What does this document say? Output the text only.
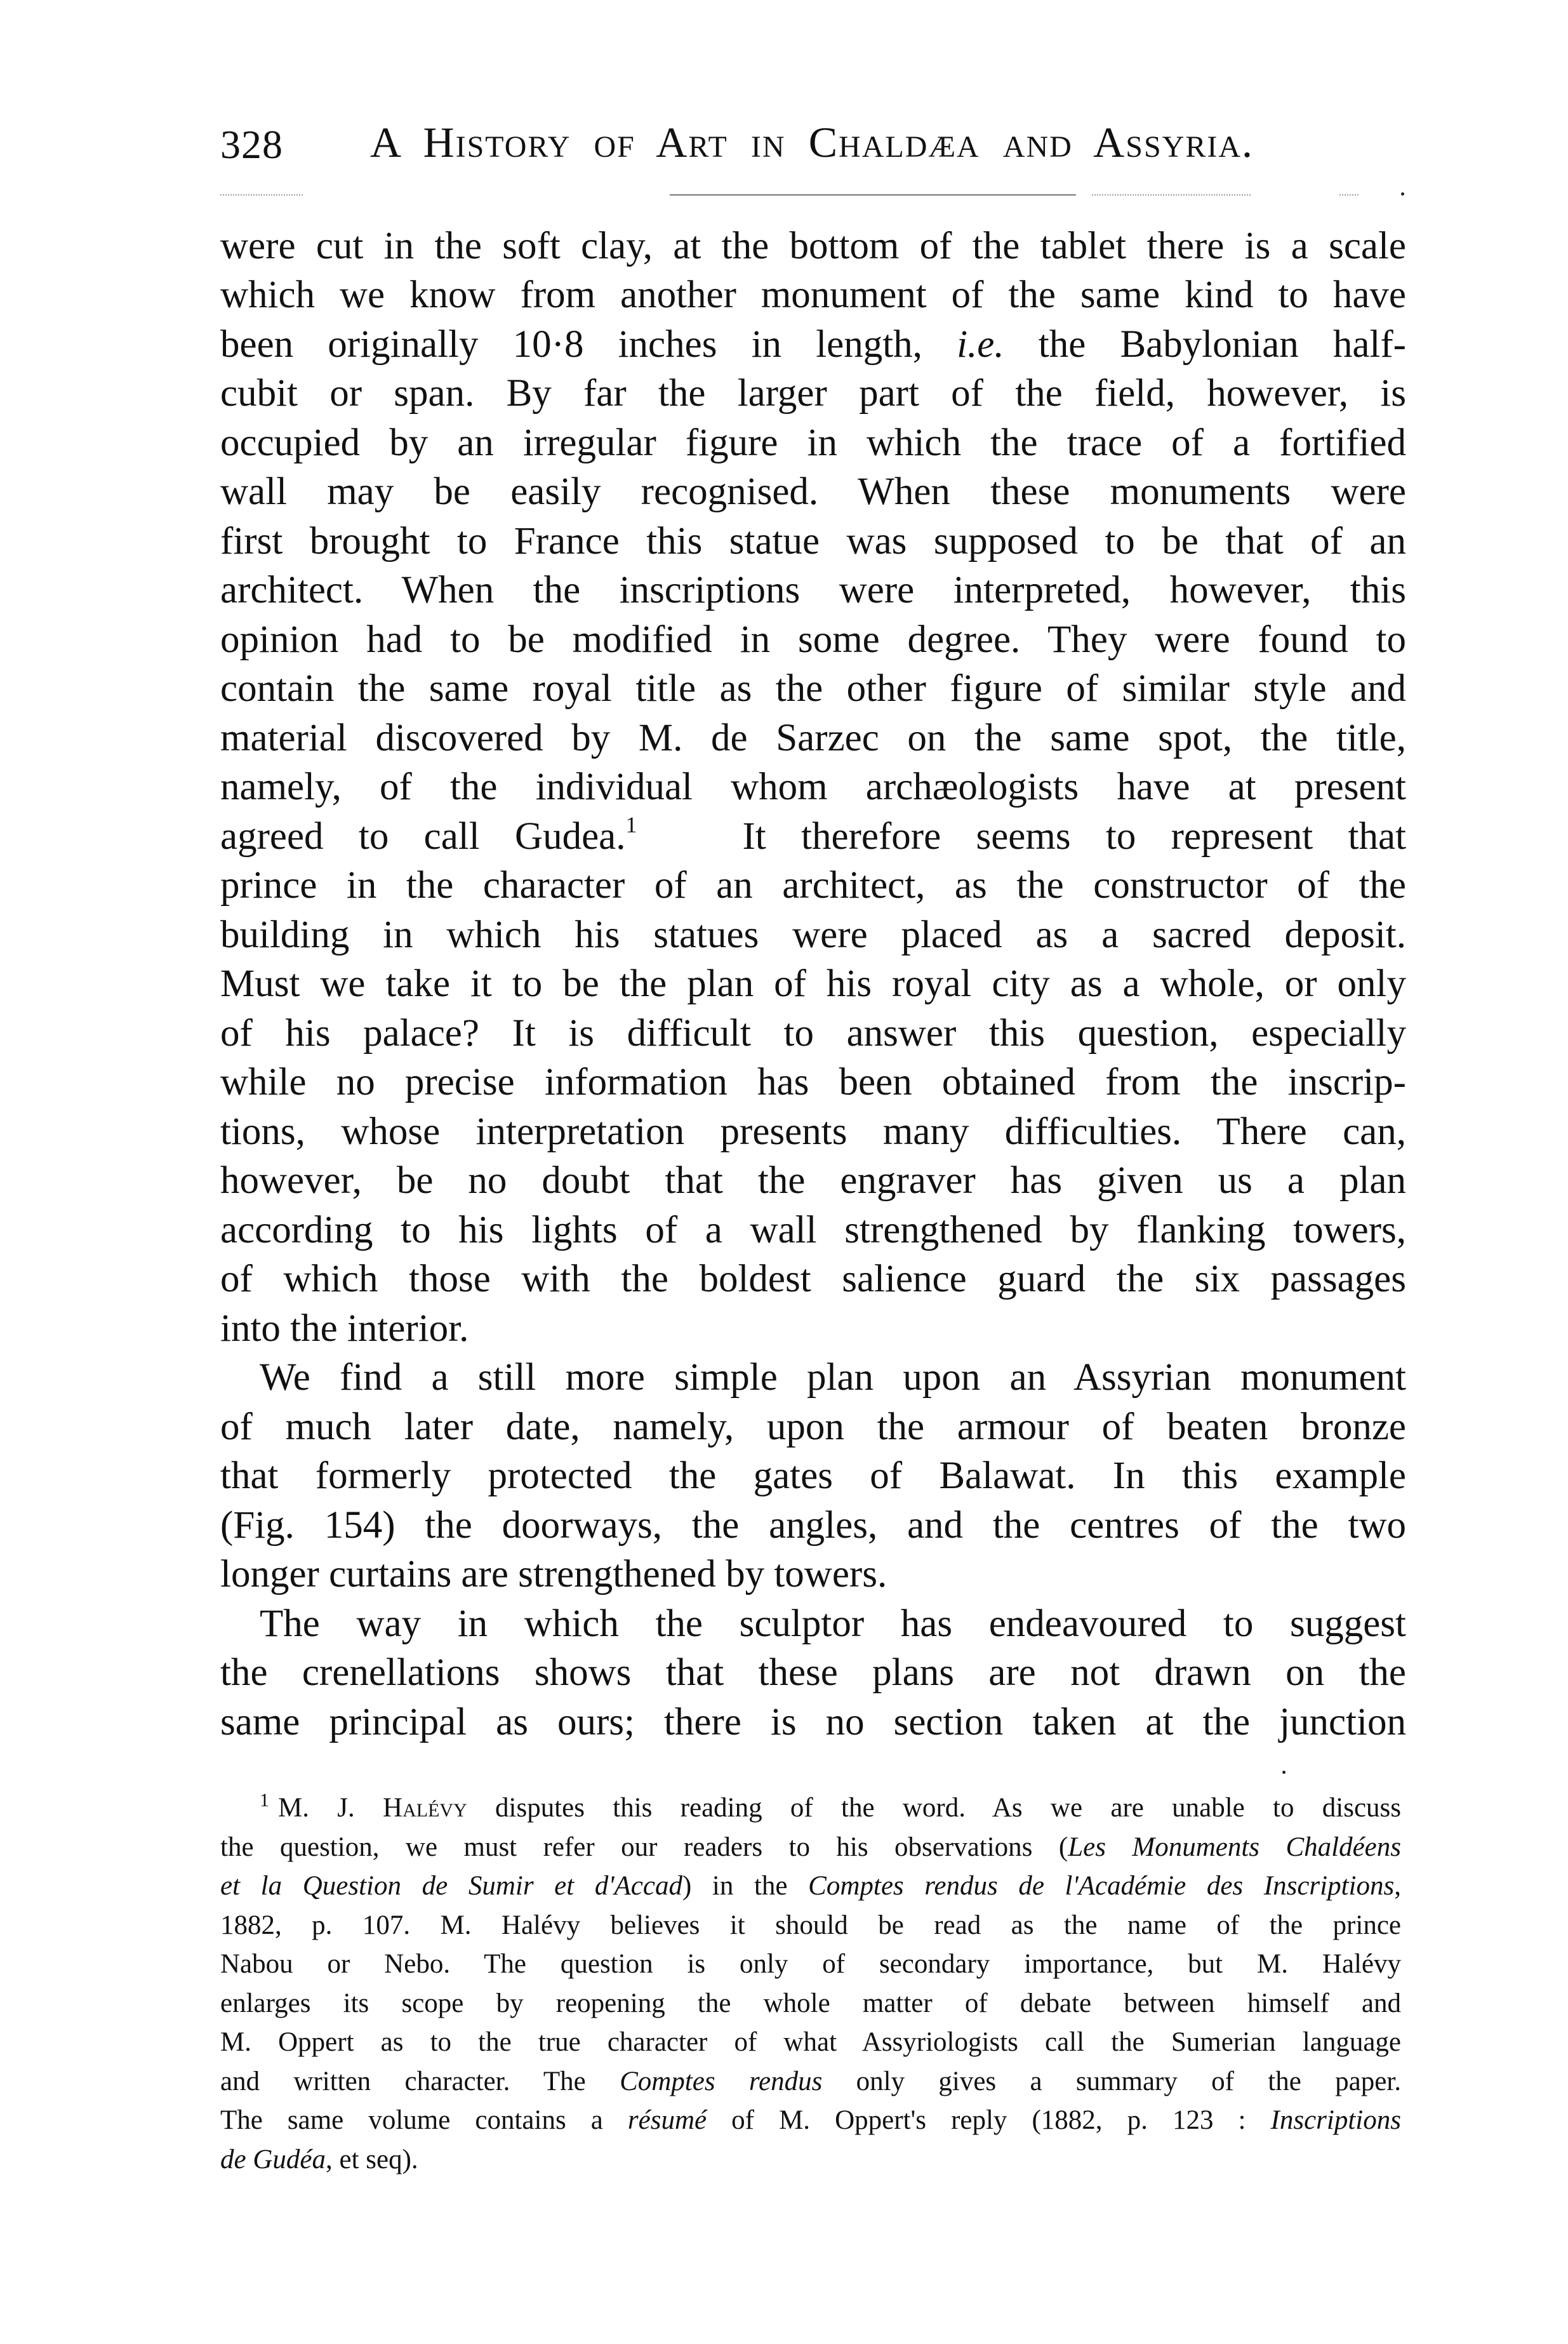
328 A History of Art in Chaldæa and Assyria.
were cut in the soft clay, at the bottom of the tablet there is a scale
which we know from another monument of the same kind to have
been originally 10·8 inches in length, i.e. the Babylonian half-
cubit or span. By far the larger part of the field, however, is
occupied by an irregular figure in which the trace of a fortified
wall may be easily recognised. When these monuments were
first brought to France this statue was supposed to be that of an
architect. When the inscriptions were interpreted, however, this
opinion had to be modified in some degree. They were found to
contain the same royal title as the other figure of similar style and
material discovered by M. de Sarzec on the same spot, the title,
namely, of the individual whom archæologists have at present
agreed to call Gudea.$^1$	It therefore seems to represent that
prince in the character of an architect, as the constructor of the
building in which his statues were placed as a sacred deposit.
Must we take it to be the plan of his royal city as a whole, or only
of his palace? It is difficult to answer this question, especially
while no precise information has been obtained from the inscrip-
tions, whose interpretation presents many difficulties. There can,
however, be no doubt that the engraver has given us a plan
according to his lights of a wall strengthened by flanking towers,
of which those with the boldest salience guard the six passages
into the interior.
We find a still more simple plan upon an Assyrian monument
of much later date, namely, upon the armour of beaten bronze
that formerly protected the gates of Balawat. In this example
(Fig. 154) the doorways, the angles, and the centres of the two
longer curtains are strengthened by towers.
The way in which the sculptor has endeavoured to suggest
the crenellations shows that these plans are not drawn on the
same principal as ours; there is no section taken at the junction
$^1$ M. J. Halévy disputes this reading of the word. As we are unable to discuss
the question, we must refer our readers to his observations (Les Monuments Chaldéens
et la Question de Sumir et d'Accad) in the Comptes rendus de l'Académie des Inscriptions,
1882, p. 107. M. Halévy believes it should be read as the name of the prince
Nabou or Nebo. The question is only of secondary importance, but M. Halévy
enlarges its scope by reopening the whole matter of debate between himself and
M. Oppert as to the true character of what Assyriologists call the Sumerian language
and written character. The Comptes rendus only gives a summary of the paper.
The same volume contains a résumé of M. Oppert's reply (1882, p. 123 : Inscriptions
de Gudéa, et seq).
